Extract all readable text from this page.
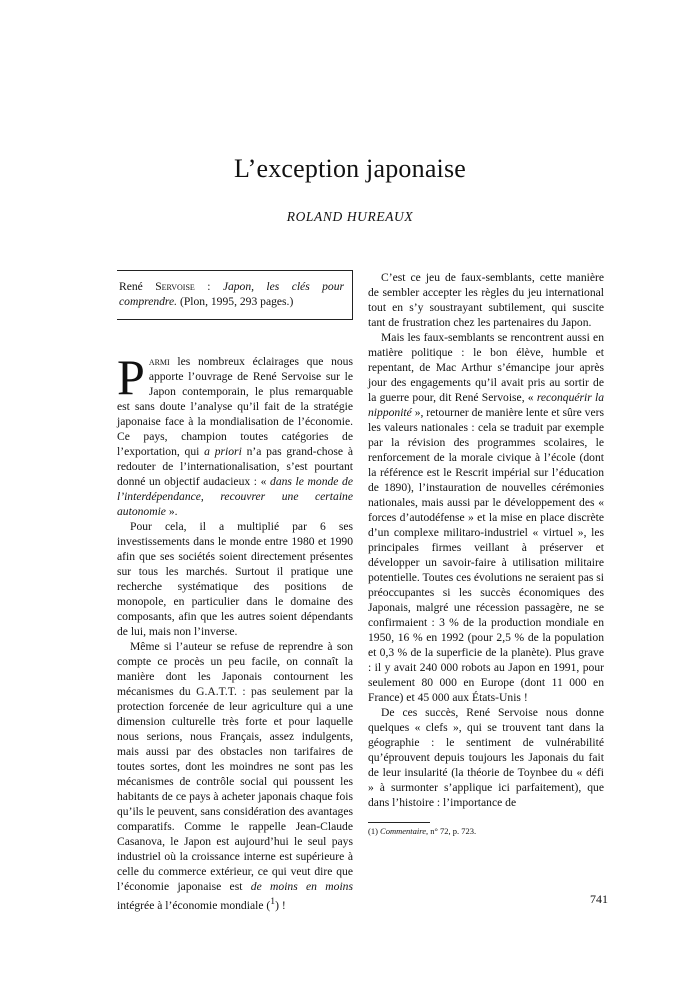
L’exception japonaise

ROLAND HUREAUX

René Servoise : Japon, les clés pour comprendre. (Plon, 1995, 293 pages.)

Parmi les nombreux éclairages que nous apporte l’ouvrage de René Servoise sur le Japon contemporain, le plus remarquable est sans doute l’analyse qu’il fait de la stratégie japonaise face à la mondialisation de l’économie. Ce pays, champion toutes catégories de l’exportation, qui a priori n’a pas grand-chose à redouter de l’internationalisation, s’est pourtant donné un objectif audacieux : « dans le monde de l’interdépendance, recouvrer une certaine autonomie ».

Pour cela, il a multiplié par 6 ses investissements dans le monde entre 1980 et 1990 afin que ses sociétés soient directement présentes sur tous les marchés. Surtout il pratique une recherche systématique des positions de monopole, en particulier dans le domaine des composants, afin que les autres soient dépendants de lui, mais non l’inverse.

Même si l’auteur se refuse de reprendre à son compte ce procès un peu facile, on connaît la manière dont les Japonais contournent les mécanismes du G.A.T.T. : pas seulement par la protection forcenée de leur agriculture qui a une dimension culturelle très forte et pour laquelle nous serions, nous Français, assez indulgents, mais aussi par des obstacles non tarifaires de toutes sortes, dont les moindres ne sont pas les mécanismes de contrôle social qui poussent les habitants de ce pays à acheter japonais chaque fois qu’ils le peuvent, sans considération des avantages comparatifs. Comme le rappelle Jean-Claude Casanova, le Japon est aujourd’hui le seul pays industriel où la croissance interne est supérieure à celle du commerce extérieur, ce qui veut dire que l’économie japonaise est de moins en moins intégrée à l’économie mondiale ($^1$) !

C’est ce jeu de faux-semblants, cette manière de sembler accepter les règles du jeu international tout en s’y soustrayant subtilement, qui suscite tant de frustration chez les partenaires du Japon.

Mais les faux-semblants se rencontrent aussi en matière politique : le bon élève, humble et repentant, de Mac Arthur s’émancipe jour après jour des engagements qu’il avait pris au sortir de la guerre pour, dit René Servoise, « reconquérir la nipponité », retourner de manière lente et sûre vers les valeurs nationales : cela se traduit par exemple par la révision des programmes scolaires, le renforcement de la morale civique à l’école (dont la référence est le Rescrit impérial sur l’éducation de 1890), l’instauration de nouvelles cérémonies nationales, mais aussi par le développement des « forces d’autodéfense » et la mise en place discrète d’un complexe militaro-industriel « virtuel », les principales firmes veillant à préserver et développer un savoir-faire à utilisation militaire potentielle. Toutes ces évolutions ne seraient pas si préoccupantes si les succès économiques des Japonais, malgré une récession passagère, ne se confirmaient : 3 % de la production mondiale en 1950, 16 % en 1992 (pour 2,5 % de la population et 0,3 % de la superficie de la planète). Plus grave : il y avait 240 000 robots au Japon en 1991, pour seulement 80 000 en Europe (dont 11 000 en France) et 45 000 aux États-Unis !

De ces succès, René Servoise nous donne quelques « clefs », qui se trouvent tant dans la géographie : le sentiment de vulnérabilité qu’éprouvent depuis toujours les Japonais du fait de leur insularité (la théorie de Toynbee du « défi » à surmonter s’applique ici parfaitement), que dans l’histoire : l’importance de

(1) Commentaire, n° 72, p. 723.

741
